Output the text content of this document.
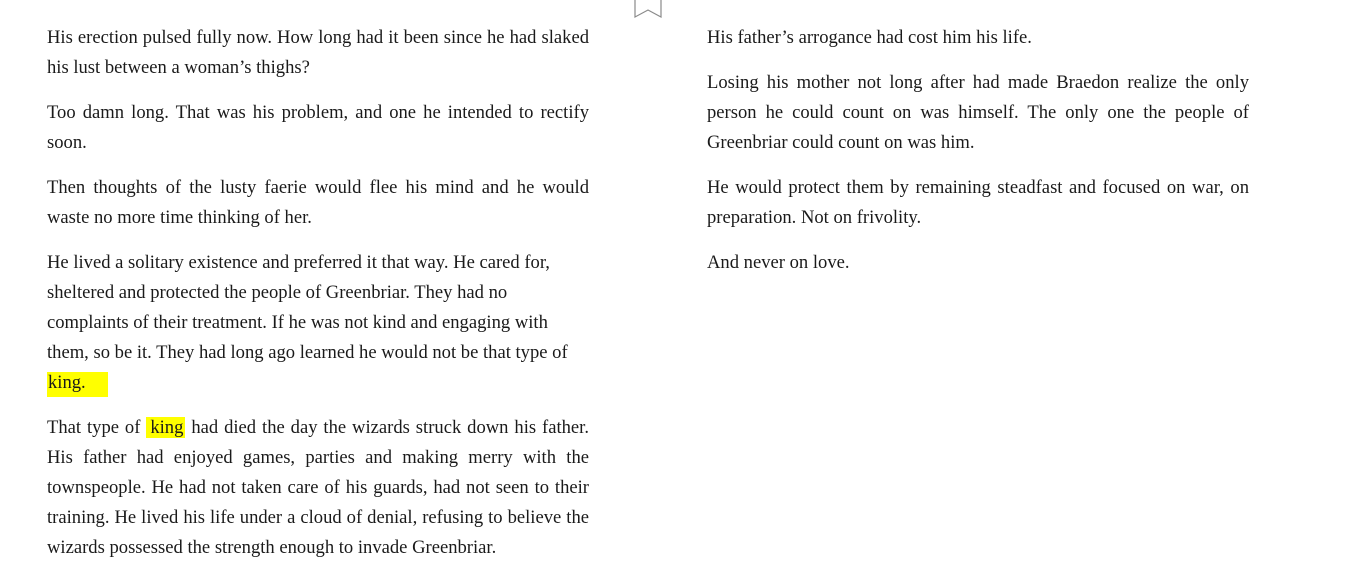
His erection pulsed fully now. How long had it been since he had slaked his lust between a woman’s thighs?

Too damn long. That was his problem, and one he intended to rectify soon.

Then thoughts of the lusty faerie would flee his mind and he would waste no more time thinking of her.

He lived a solitary existence and preferred it that way. He cared for, sheltered and protected the people of Greenbriar. They had no complaints of their treatment. If he was not kind and engaging with them, so be it. They had long ago learned he would not be that type of king.

That type of king had died the day the wizards struck down his father. His father had enjoyed games, parties and making merry with the townspeople. He had not taken care of his guards, had not seen to their training. He lived his life under a cloud of denial, refusing to believe the wizards possessed the strength enough to invade Greenbriar.

His father’s arrogance had cost him his life.

Losing his mother not long after had made Braedon realize the only person he could count on was himself. The only one the people of Greenbriar could count on was him.

He would protect them by remaining steadfast and focused on war, on preparation. Not on frivolity.

And never on love.
